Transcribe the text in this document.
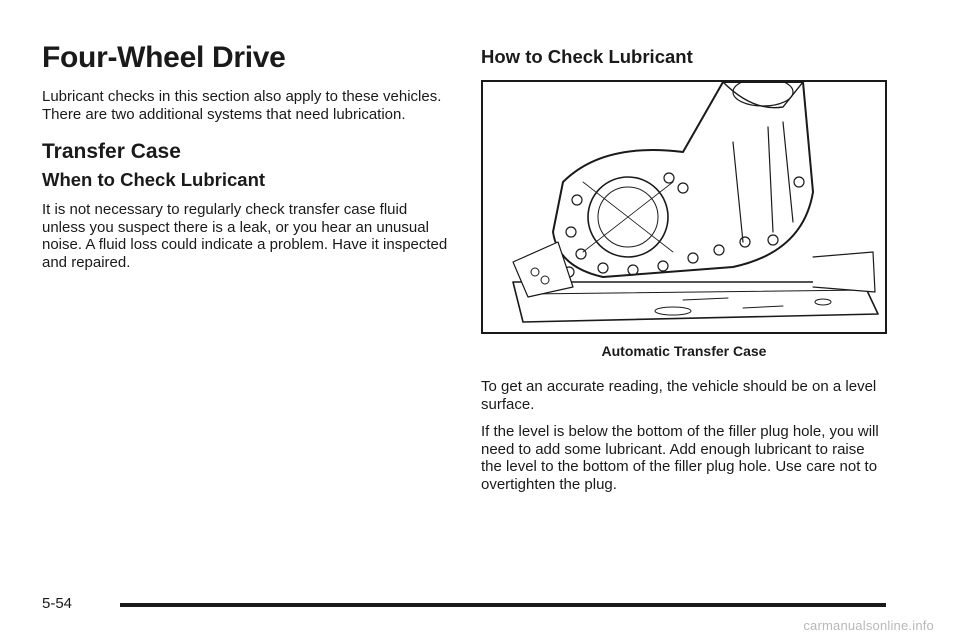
Four-Wheel Drive

Lubricant checks in this section also apply to these vehicles. There are two additional systems that need lubrication.

Transfer Case
When to Check Lubricant

It is not necessary to regularly check transfer case fluid unless you suspect there is a leak, or you hear an unusual noise. A fluid loss could indicate a problem. Have it inspected and repaired.

How to Check Lubricant
Automatic Transfer Case

To get an accurate reading, the vehicle should be on a level surface.

If the level is below the bottom of the filler plug hole, you will need to add some lubricant. Add enough lubricant to raise the level to the bottom of the filler plug hole. Use care not to overtighten the plug.

5-54
carmanualsonline.info
